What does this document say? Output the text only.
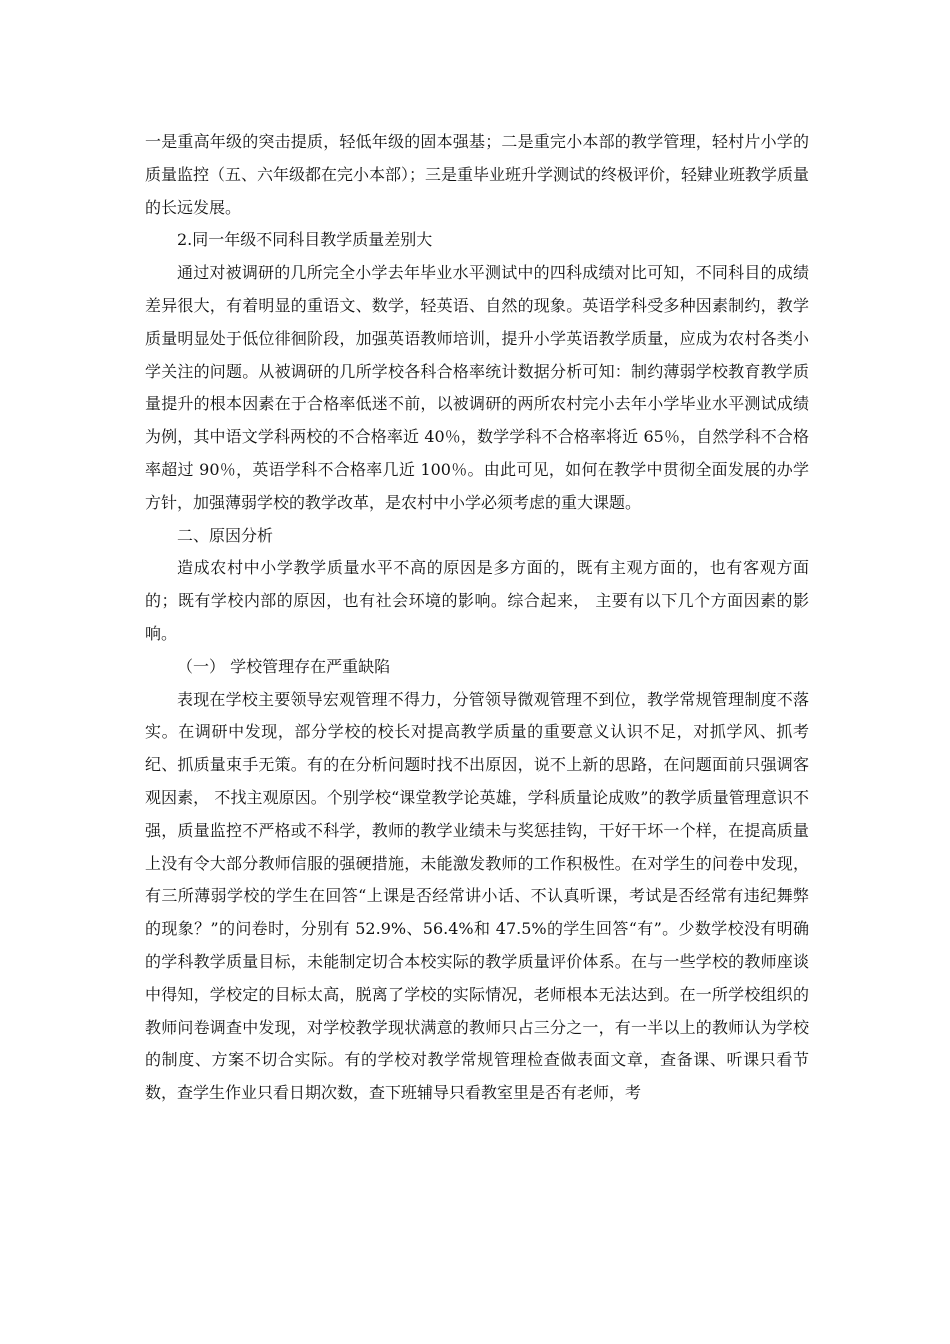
一是重高年级的突击提质，轻低年级的固本强基；二是重完小本部的教学管理，轻村片小学的质量监控（五、六年级都在完小本部）；三是重毕业班升学测试的终极评价，轻肄业班教学质量的长远发展。

2.同一年级不同科目教学质量差别大

通过对被调研的几所完全小学去年毕业水平测试中的四科成绩对比可知，不同科目的成绩差异很大，有着明显的重语文、数学，轻英语、自然的现象。英语学科受多种因素制约，教学质量明显处于低位徘徊阶段，加强英语教师培训，提升小学英语教学质量，应成为农村各类小学关注的问题。从被调研的几所学校各科合格率统计数据分析可知：制约薄弱学校教育教学质量提升的根本因素在于合格率低迷不前，以被调研的两所农村完小去年小学毕业水平测试成绩为例，其中语文学科两校的不合格率近 40％，数学学科不合格率将近 65％，自然学科不合格率超过 90％，英语学科不合格率几近 100％。由此可见，如何在教学中贯彻全面发展的办学方针，加强薄弱学校的教学改革，是农村中小学必须考虑的重大课题。

二、原因分析

造成农村中小学教学质量水平不高的原因是多方面的，既有主观方面的，也有客观方面的；既有学校内部的原因，也有社会环境的影响。综合起来， 主要有以下几个方面因素的影响。

（一） 学校管理存在严重缺陷

表现在学校主要领导宏观管理不得力，分管领导微观管理不到位，教学常规管理制度不落实。在调研中发现，部分学校的校长对提高教学质量的重要意义认识不足，对抓学风、抓考纪、抓质量束手无策。有的在分析问题时找不出原因，说不上新的思路，在问题面前只强调客观因素， 不找主观原因。个别学校“课堂教学论英雄，学科质量论成败”的教学质量管理意识不强，质量监控不严格或不科学，教师的教学业绩未与奖惩挂钩，干好干坏一个样，在提高质量上没有令大部分教师信服的强硬措施，未能激发教师的工作积极性。在对学生的问卷中发现，有三所薄弱学校的学生在回答“上课是否经常讲小话、不认真听课，考试是否经常有违纪舞弊的现象？”的问卷时，分别有 52.9%、56.4%和 47.5%的学生回答“有”。少数学校没有明确的学科教学质量目标，未能制定切合本校实际的教学质量评价体系。在与一些学校的教师座谈中得知，学校定的目标太高，脱离了学校的实际情况，老师根本无法达到。在一所学校组织的教师问卷调查中发现，对学校教学现状满意的教师只占三分之一，有一半以上的教师认为学校的制度、方案不切合实际。有的学校对教学常规管理检查做表面文章，查备课、听课只看节数，查学生作业只看日期次数，查下班辅导只看教室里是否有老师，考
